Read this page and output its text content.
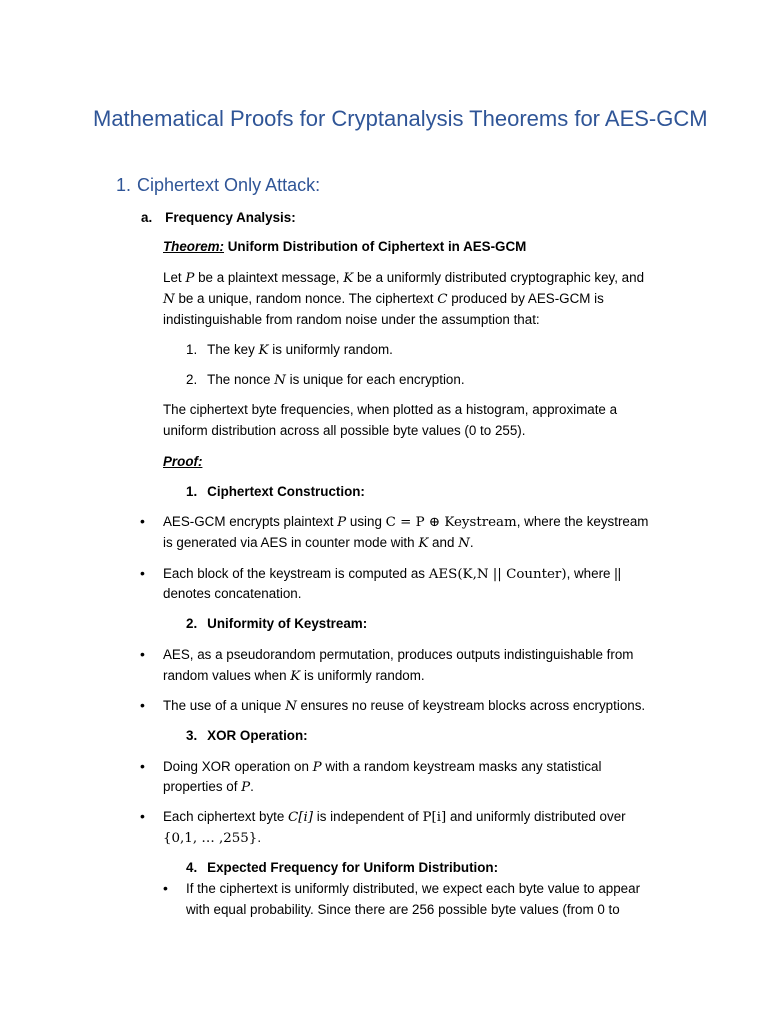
Mathematical Proofs for Cryptanalysis Theorems for AES-GCM
1. Ciphertext Only Attack:
a. Frequency Analysis:
Theorem: Uniform Distribution of Ciphertext in AES-GCM
Let P be a plaintext message, K be a uniformly distributed cryptographic key, and
N be a unique, random nonce. The ciphertext C produced by AES-GCM is
indistinguishable from random noise under the assumption that:
1. The key K is uniformly random.
2. The nonce N is unique for each encryption.
The ciphertext byte frequencies, when plotted as a histogram, approximate a
uniform distribution across all possible byte values (0 to 255).
Proof:
1. Ciphertext Construction:
• AES-GCM encrypts plaintext P using C = P ⊕ Keystream, where the keystream
is generated via AES in counter mode with K and N.
• Each block of the keystream is computed as AES(K,N || Counter), where ||
denotes concatenation.
2. Uniformity of Keystream:
• AES, as a pseudorandom permutation, produces outputs indistinguishable from
random values when K is uniformly random.
• The use of a unique N ensures no reuse of keystream blocks across encryptions.
3. XOR Operation:
• Doing XOR operation on P with a random keystream masks any statistical
properties of P.
• Each ciphertext byte C[i] is independent of P[i] and uniformly distributed over
{0,1, … ,255}.
4. Expected Frequency for Uniform Distribution:
• If the ciphertext is uniformly distributed, we expect each byte value to appear
with equal probability. Since there are 256 possible byte values (from 0 to
